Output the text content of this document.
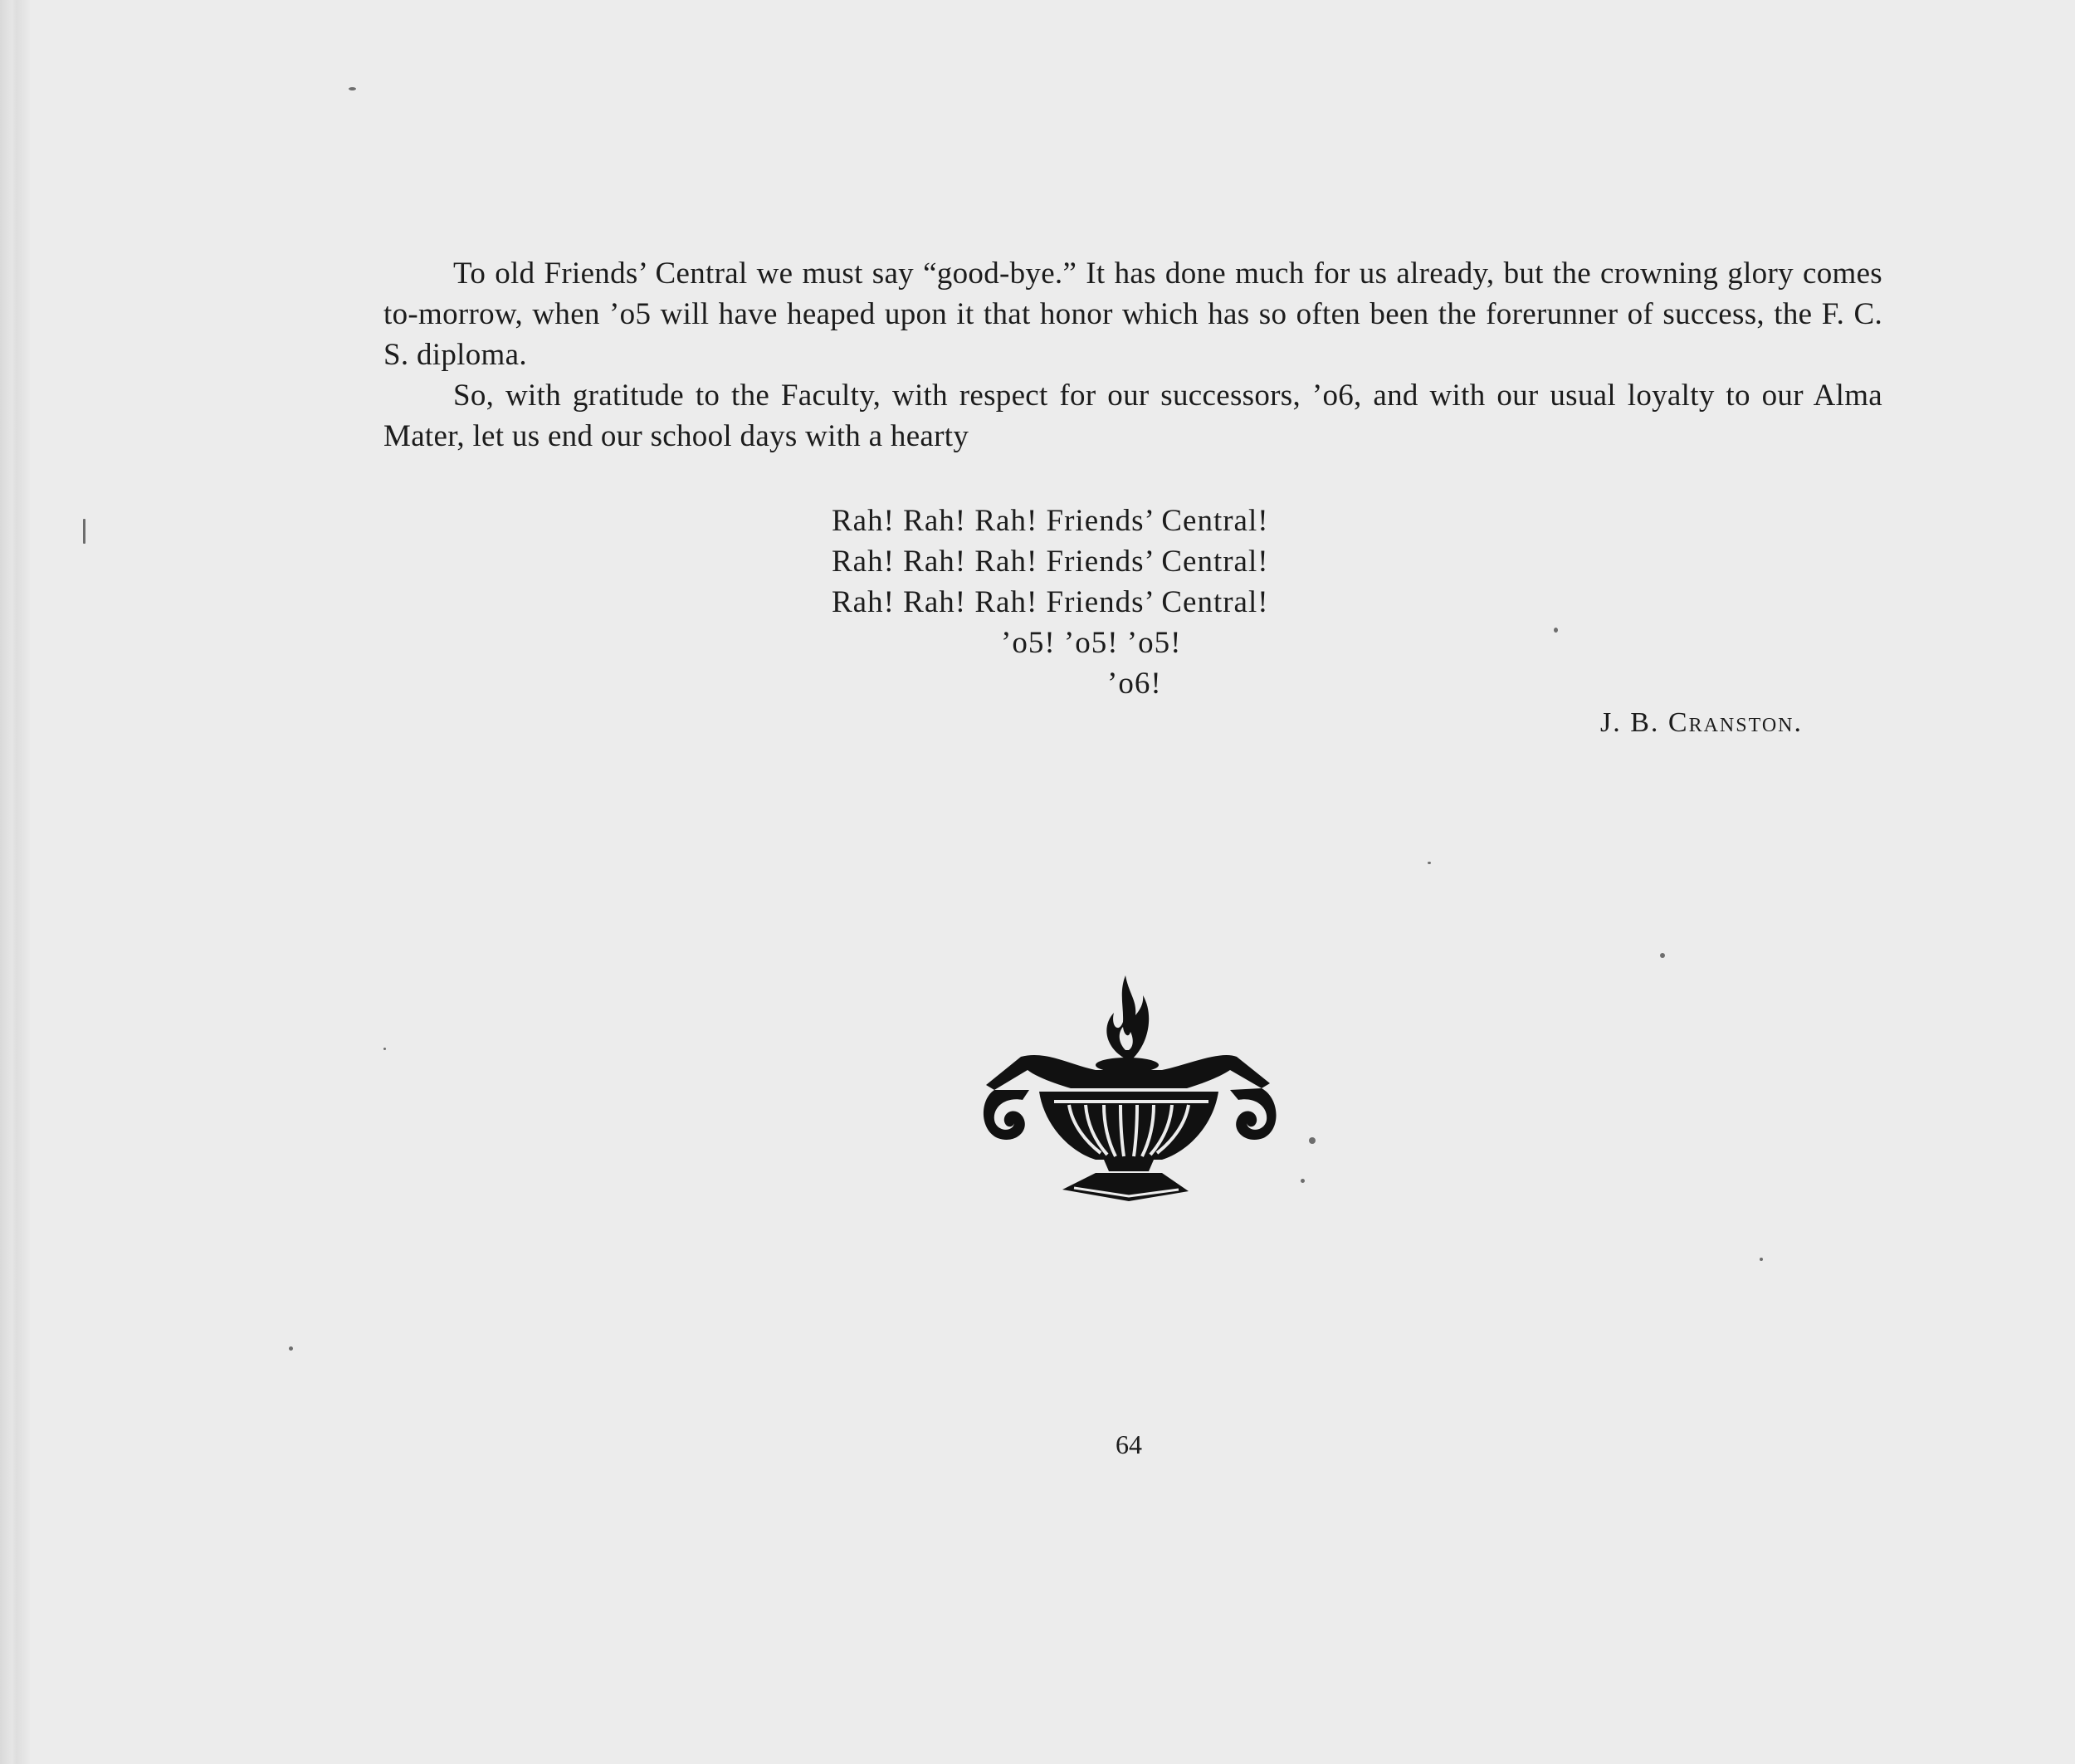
To old Friends’ Central we must say “good-bye.” It has done much for us already, but the crowning glory comes to-morrow, when ’o5 will have heaped upon it that honor which has so often been the forerunner of success, the F. C. S. diploma.

So, with gratitude to the Faculty, with respect for our successors, ’o6, and with our usual loyalty to our Alma Mater, let us end our school days with a hearty

Rah! Rah! Rah! Friends’ Central!
Rah! Rah! Rah! Friends’ Central!
Rah! Rah! Rah! Friends’ Central!
’o5! ’o5! ’o5!
’o6!
J. B. Cranston.
64
